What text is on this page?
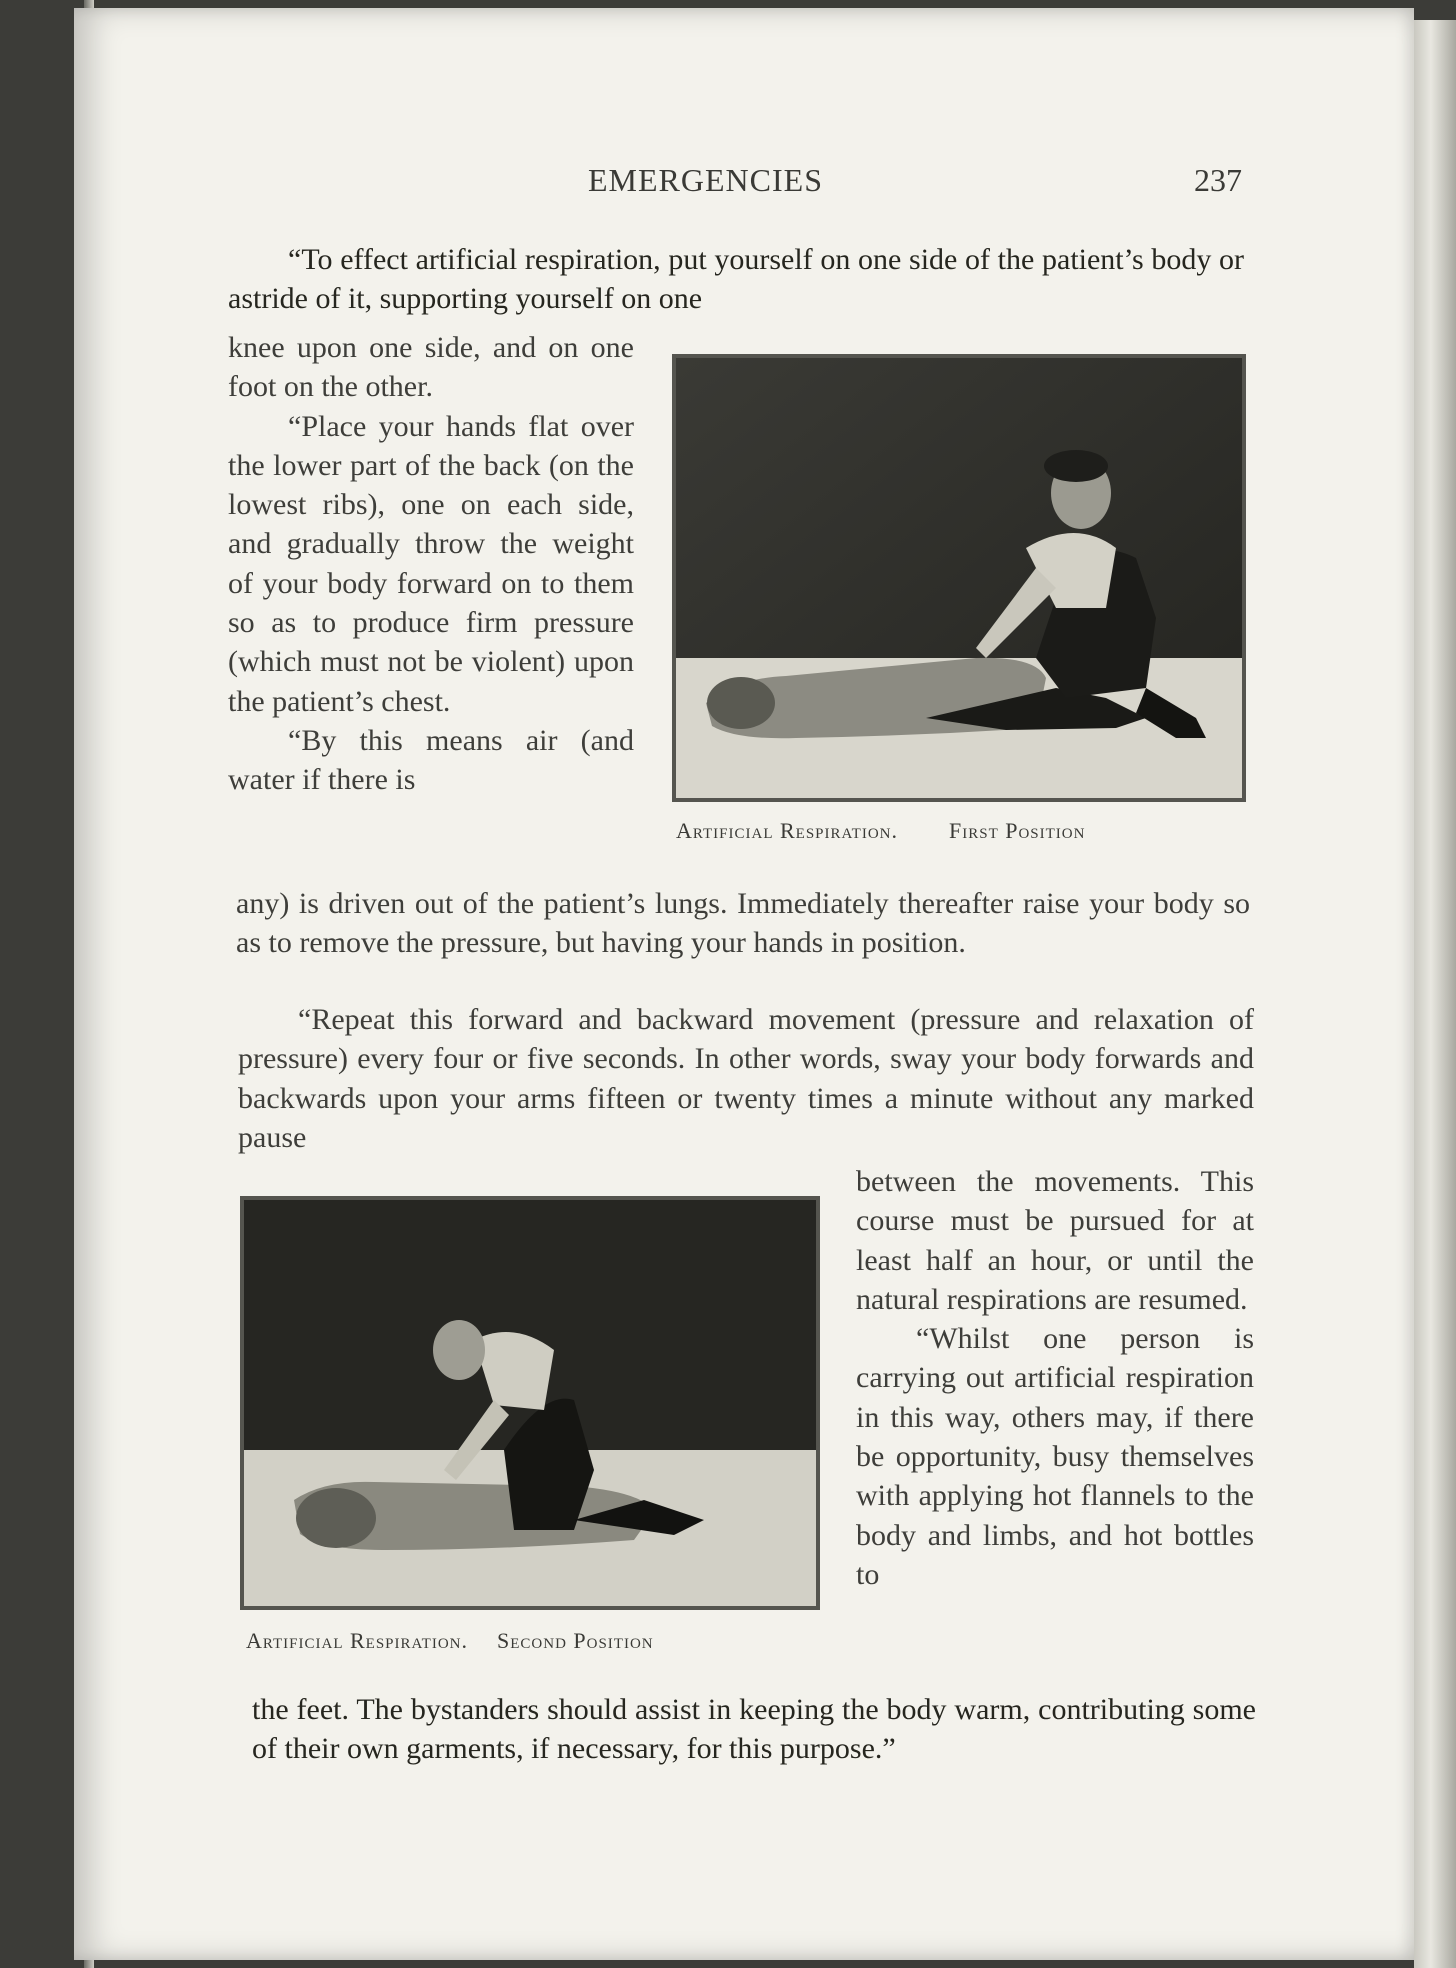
EMERGENCIES	237

“To effect artificial respiration, put yourself on one side of the patient’s body or astride of it, supporting yourself on one

knee upon one side, and on one foot on the other.

“Place your hands flat over the lower part of the back (on the lowest ribs), one on each side, and gradually throw the weight of your body forward on to them so as to produce firm pressure (which must not be violent) upon the patient’s chest.

“By this means air (and water if there is

Artificial Respiration. First Position

any) is driven out of the patient’s lungs. Immediately thereafter raise your body so as to remove the pressure, but having your hands in position.

“Repeat this forward and backward movement (pressure and relaxation of pressure) every four or five seconds. In other words, sway your body forwards and backwards upon your arms fifteen or twenty times a minute without any marked pause

Artificial Respiration. Second Position

between the movements. This course must be pursued for at least half an hour, or until the natural respirations are resumed.

“Whilst one person is carrying out artificial respiration in this way, others may, if there be opportunity, busy themselves with applying hot flannels to the body and limbs, and hot bottles to

the feet. The bystanders should assist in keeping the body warm, contributing some of their own garments, if necessary, for this purpose.”
